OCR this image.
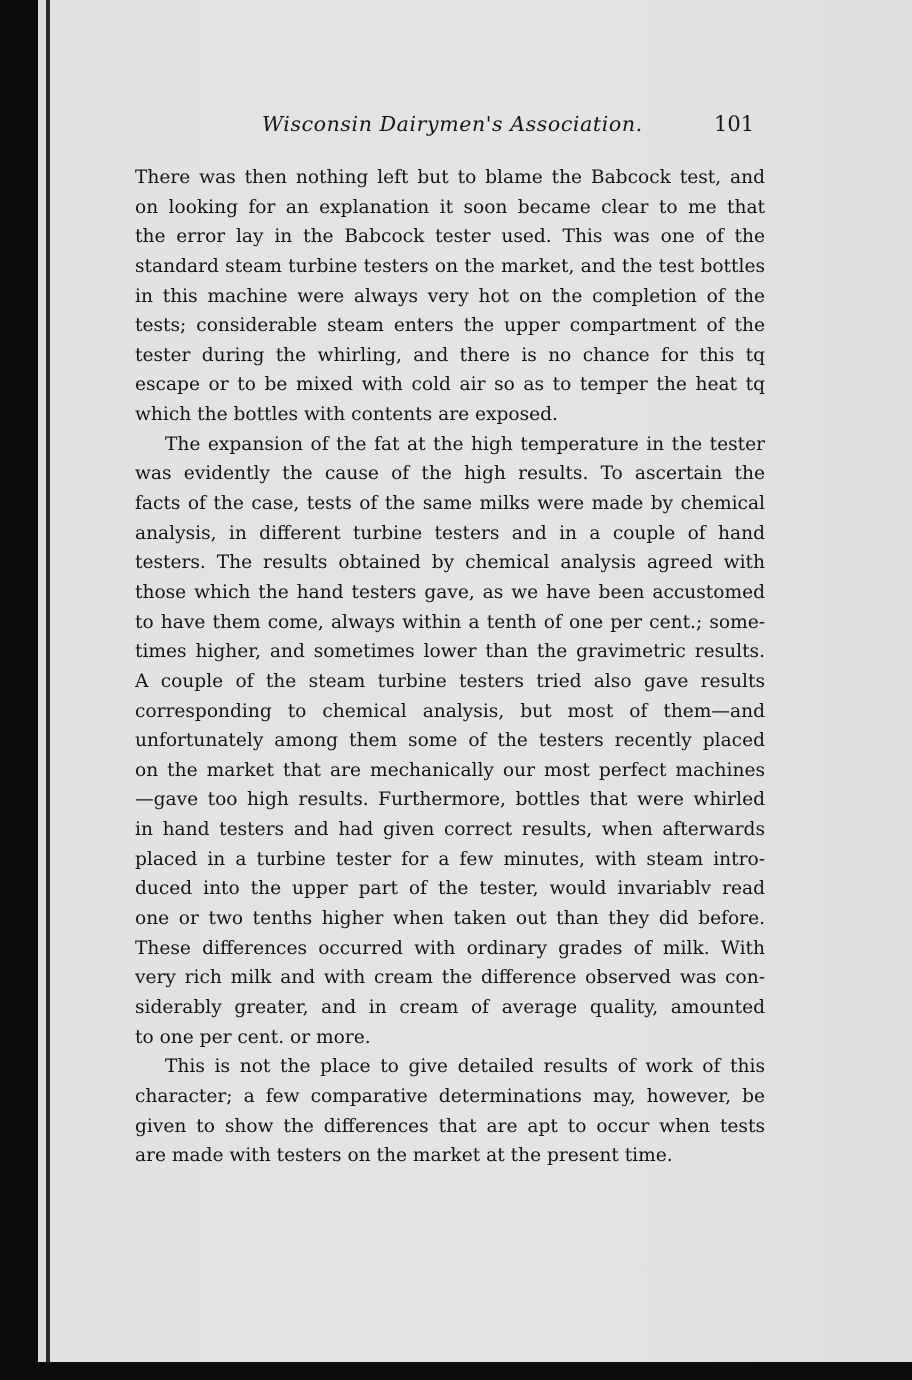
Wisconsin Dairymen's Association.	101
There was then nothing left but to blame the Babcock test, and
on looking for an explanation it soon became clear to me that
the error lay in the Babcock tester used. This was one of the
standard steam turbine testers on the market, and the test bottles
in this machine were always very hot on the completion of the
tests; considerable steam enters the upper compartment of the
tester during the whirling, and there is no chance for this tq
escape or to be mixed with cold air so as to temper the heat tq
which the bottles with contents are exposed.
The expansion of the fat at the high temperature in the tester
was evidently the cause of the high results. To ascertain the
facts of the case, tests of the same milks were made by chemical
analysis, in different turbine testers and in a couple of hand
testers. The results obtained by chemical analysis agreed with
those which the hand testers gave, as we have been accustomed
to have them come, always within a tenth of one per cent.; some-
times higher, and sometimes lower than the gravimetric results.
A couple of the steam turbine testers tried also gave results
corresponding to chemical analysis, but most of them—and
unfortunately among them some of the testers recently placed
on the market that are mechanically our most perfect machines
—gave too high results. Furthermore, bottles that were whirled
in hand testers and had given correct results, when afterwards
placed in a turbine tester for a few minutes, with steam intro-
duced into the upper part of the tester, would invariablv read
one or two tenths higher when taken out than they did before.
These differences occurred with ordinary grades of milk. With
very rich milk and with cream the difference observed was con-
siderably greater, and in cream of average quality, amounted
to one per cent. or more.
This is not the place to give detailed results of work of this
character; a few comparative determinations may, however, be
given to show the differences that are apt to occur when tests
are made with testers on the market at the present time.
